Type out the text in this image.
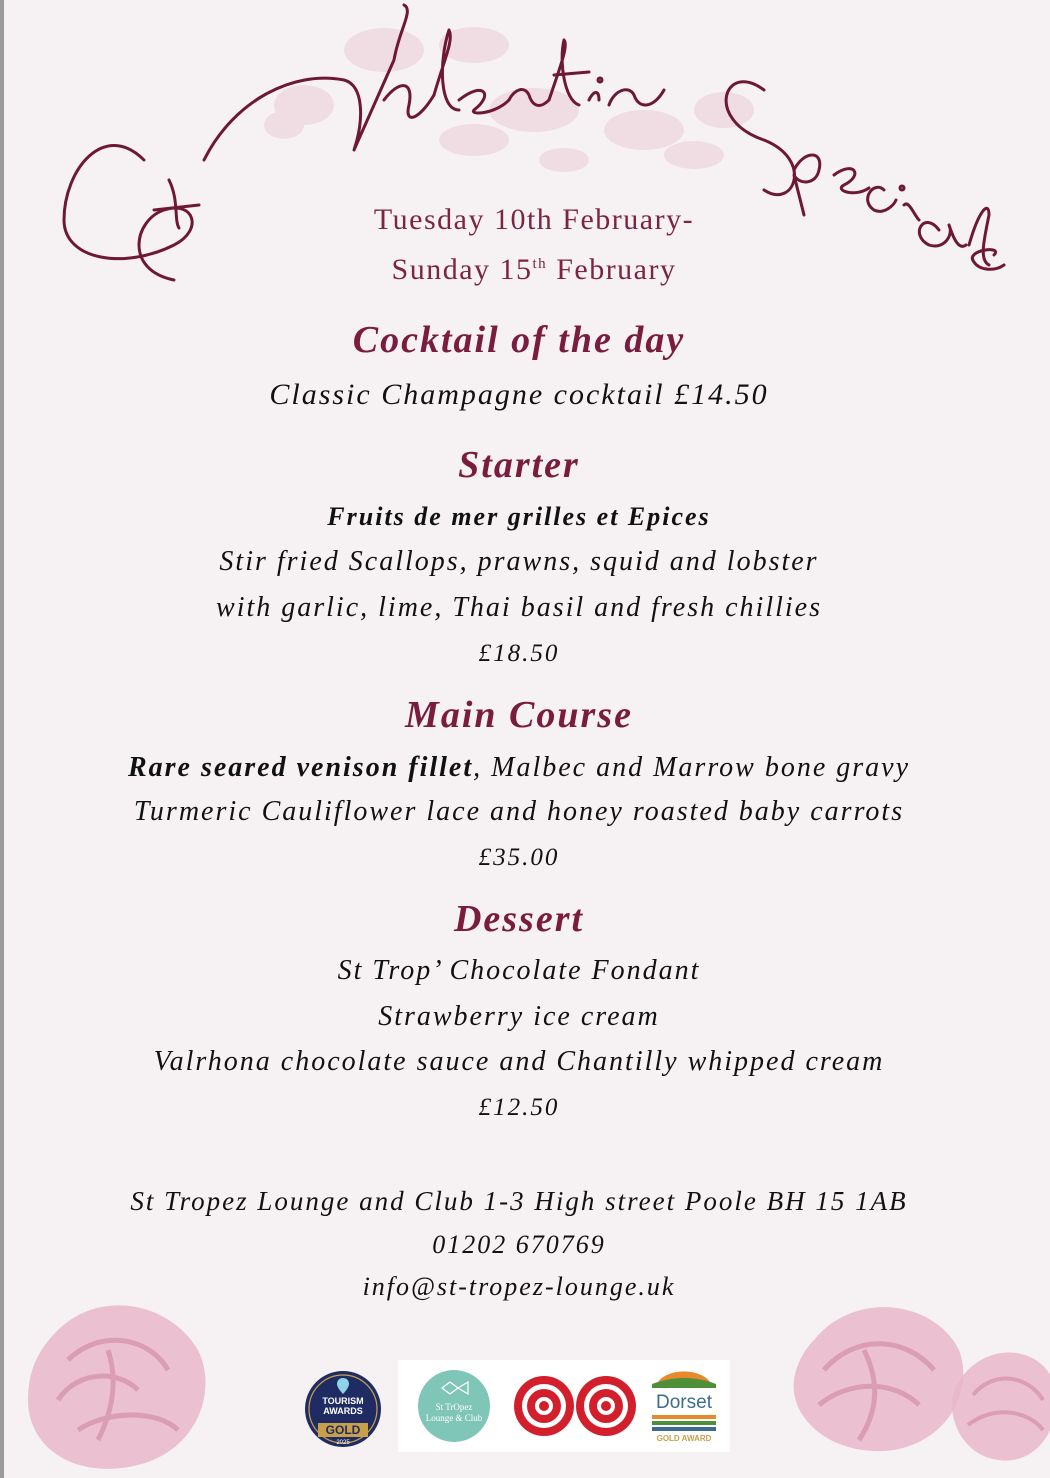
Tuesday 10th February-
Sunday 15th February
Cocktail of the day
Classic Champagne cocktail £14.50
Starter
Fruits de mer grilles et Epices
Stir fried Scallops, prawns, squid and lobster
with garlic, lime, Thai basil and fresh chillies
£18.50
Main Course
Rare seared venison fillet, Malbec and Marrow bone gravy
Turmeric Cauliflower lace and honey roasted baby carrots
£35.00
Dessert
St Trop’ Chocolate Fondant
Strawberry ice cream
Valrhona chocolate sauce and Chantilly whipped cream
£12.50
St Tropez Lounge and Club 1-3 High street Poole BH 15 1AB
01202 670769
info@st-tropez-lounge.uk
TOURISM
AWARDS
GOLD
2025
St TrOpez
Lounge & Club
Dorset
GOLD AWARD
